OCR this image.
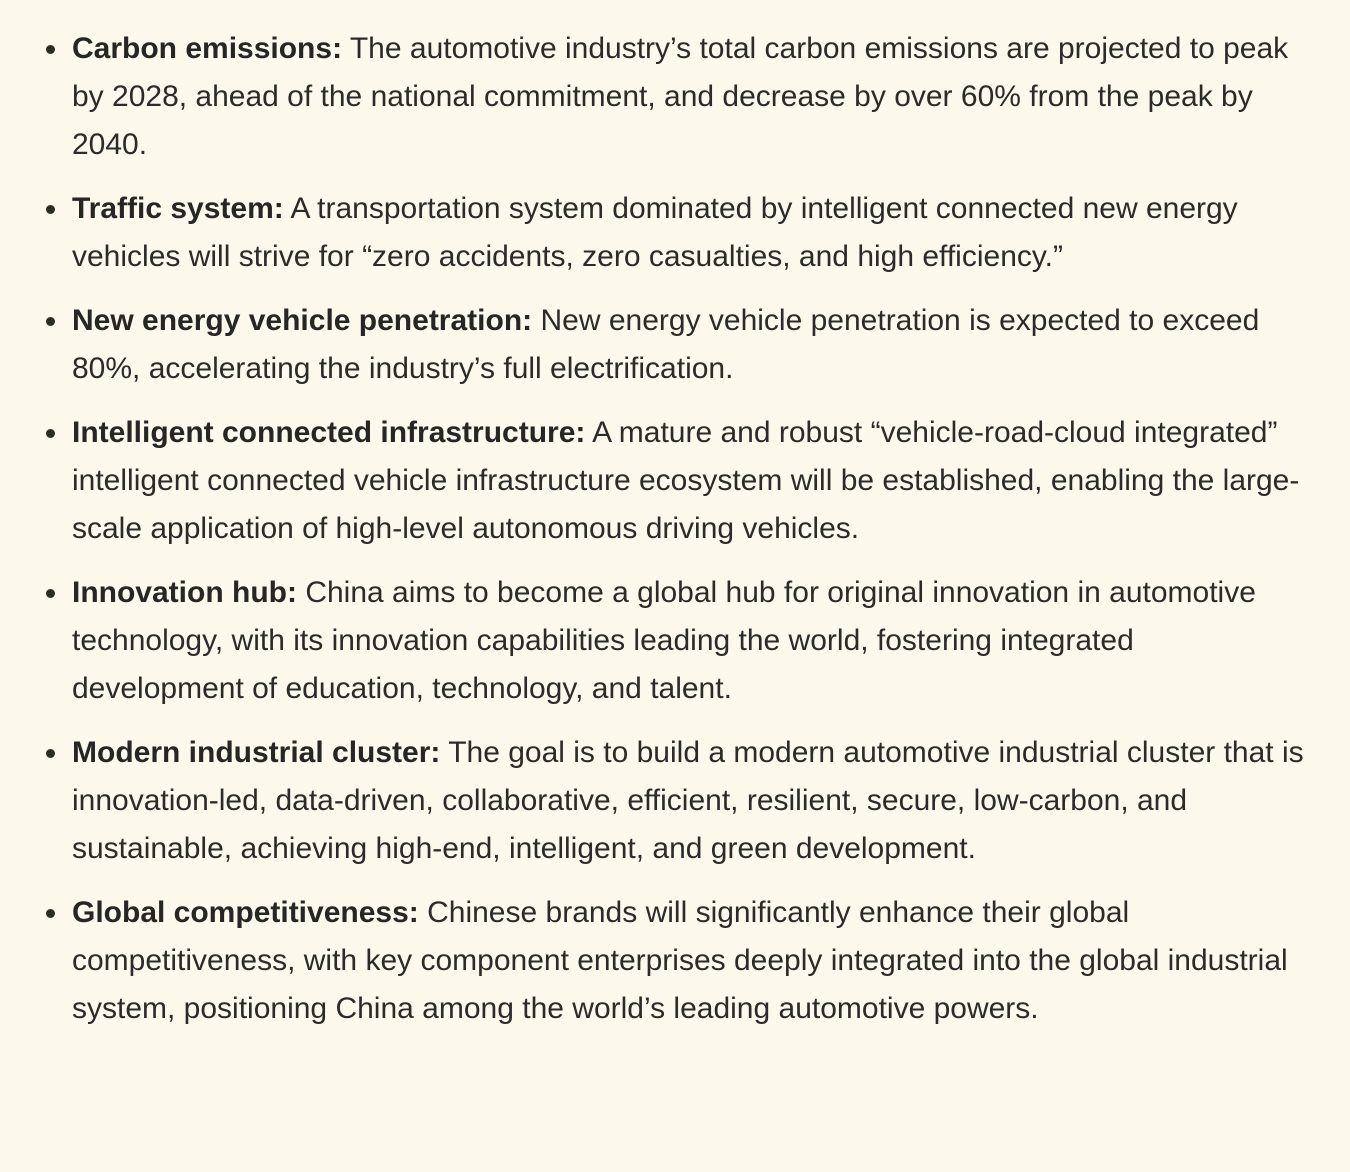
Carbon emissions: The automotive industry’s total carbon emissions are projected to peak by 2028, ahead of the national commitment, and decrease by over 60% from the peak by 2040.
Traffic system: A transportation system dominated by intelligent connected new energy vehicles will strive for “zero accidents, zero casualties, and high efficiency.”
New energy vehicle penetration: New energy vehicle penetration is expected to exceed 80%, accelerating the industry’s full electrification.
Intelligent connected infrastructure: A mature and robust “vehicle-road-cloud integrated” intelligent connected vehicle infrastructure ecosystem will be established, enabling the large-scale application of high-level autonomous driving vehicles.
Innovation hub: China aims to become a global hub for original innovation in automotive technology, with its innovation capabilities leading the world, fostering integrated development of education, technology, and talent.
Modern industrial cluster: The goal is to build a modern automotive industrial cluster that is innovation-led, data-driven, collaborative, efficient, resilient, secure, low-carbon, and sustainable, achieving high-end, intelligent, and green development.
Global competitiveness: Chinese brands will significantly enhance their global competitiveness, with key component enterprises deeply integrated into the global industrial system, positioning China among the world’s leading automotive powers.
